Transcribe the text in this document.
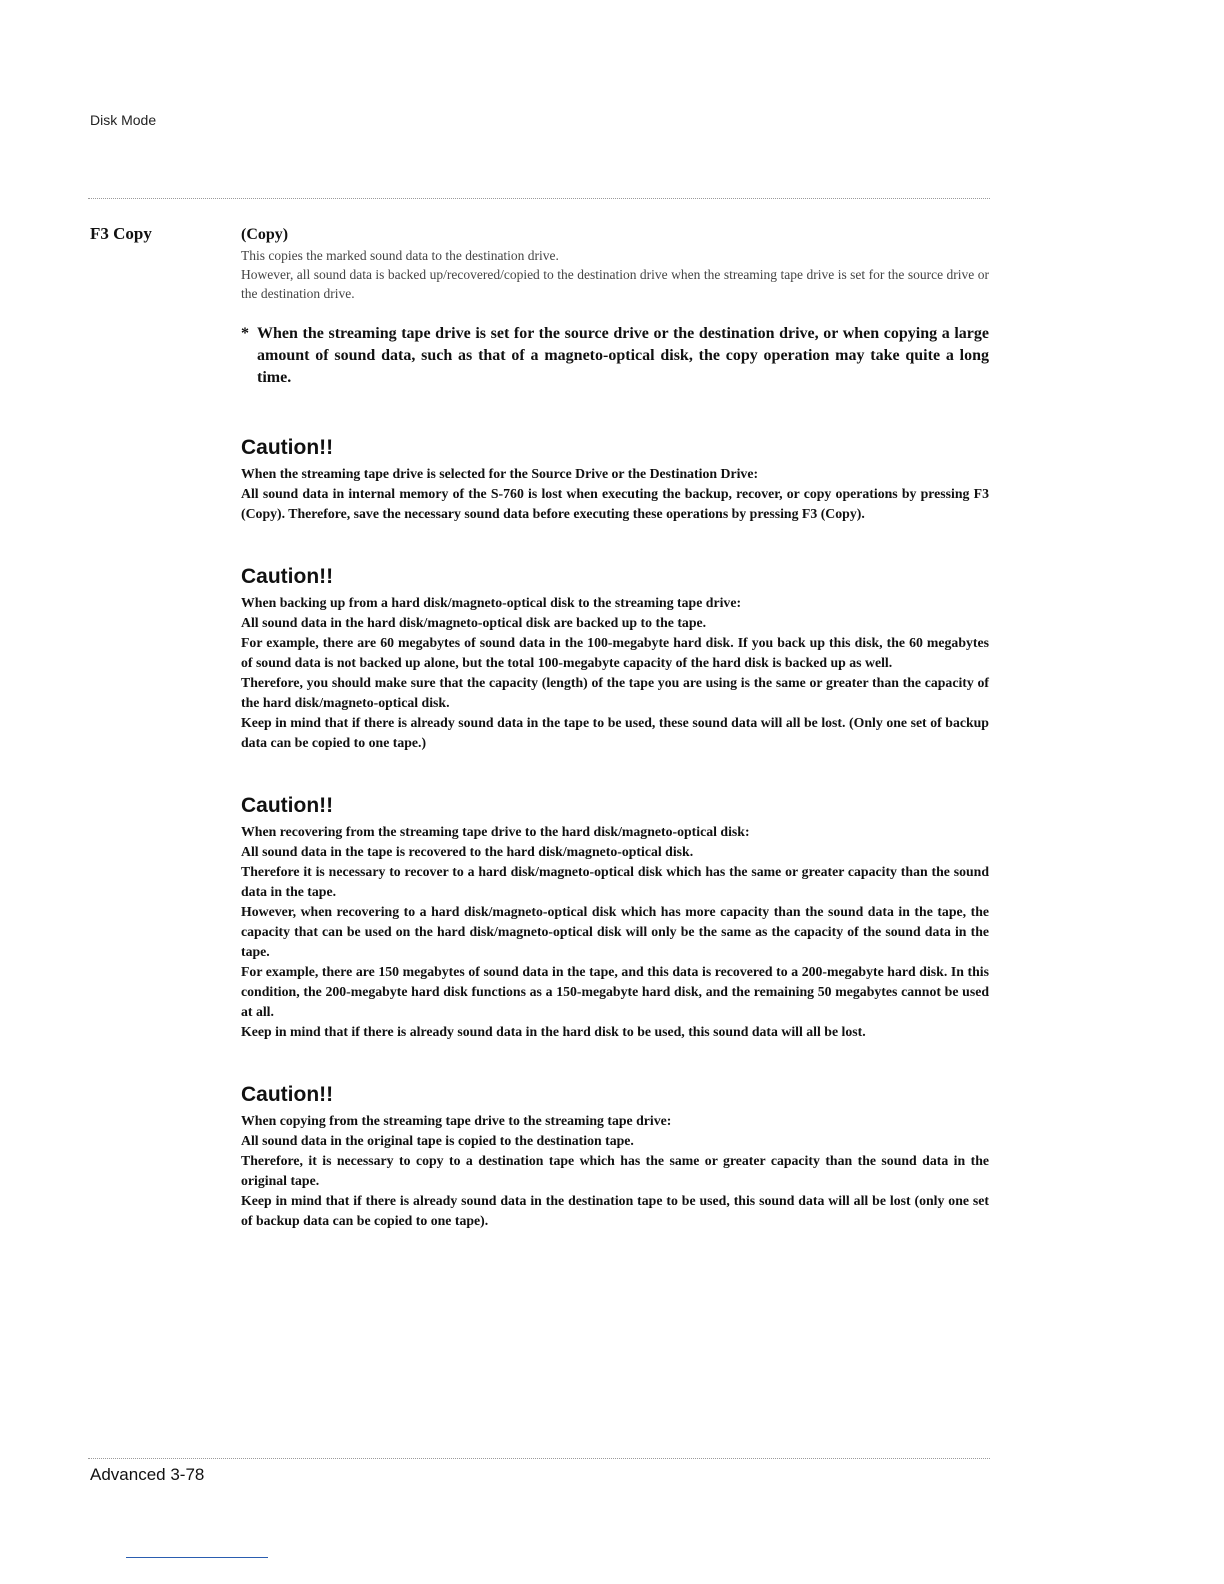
Disk Mode
F3 Copy	(Copy)

This copies the marked sound data to the destination drive.

However, all sound data is backed up/recovered/copied to the destination drive when the streaming tape drive is set for the source drive or the destination drive.

* When the streaming tape drive is set for the source drive or the destination drive, or when copying a large amount of sound data, such as that of a magneto-optical disk, the copy operation may take quite a long time.

Caution!!

When the streaming tape drive is selected for the Source Drive or the Destination Drive:

All sound data in internal memory of the S-760 is lost when executing the backup, recover, or copy operations by pressing F3 (Copy). Therefore, save the necessary sound data before executing these operations by pressing F3 (Copy).

Caution!!

When backing up from a hard disk/magneto-optical disk to the streaming tape drive:

All sound data in the hard disk/magneto-optical disk are backed up to the tape.

For example, there are 60 megabytes of sound data in the 100-megabyte hard disk. If you back up this disk, the 60 megabytes of sound data is not backed up alone, but the total 100-megabyte capacity of the hard disk is backed up as well.

Therefore, you should make sure that the capacity (length) of the tape you are using is the same or greater than the capacity of the hard disk/magneto-optical disk.

Keep in mind that if there is already sound data in the tape to be used, these sound data will all be lost. (Only one set of backup data can be copied to one tape.)

Caution!!

When recovering from the streaming tape drive to the hard disk/magneto-optical disk:

All sound data in the tape is recovered to the hard disk/magneto-optical disk.

Therefore it is necessary to recover to a hard disk/magneto-optical disk which has the same or greater capacity than the sound data in the tape.

However, when recovering to a hard disk/magneto-optical disk which has more capacity than the sound data in the tape, the capacity that can be used on the hard disk/magneto-optical disk will only be the same as the capacity of the sound data in the tape.

For example, there are 150 megabytes of sound data in the tape, and this data is recovered to a 200-megabyte hard disk. In this condition, the 200-megabyte hard disk functions as a 150-megabyte hard disk, and the remaining 50 megabytes cannot be used at all.

Keep in mind that if there is already sound data in the hard disk to be used, this sound data will all be lost.

Caution!!

When copying from the streaming tape drive to the streaming tape drive:

All sound data in the original tape is copied to the destination tape.

Therefore, it is necessary to copy to a destination tape which has the same or greater capacity than the sound data in the original tape.

Keep in mind that if there is already sound data in the destination tape to be used, this sound data will all be lost (only one set of backup data can be copied to one tape).

Advanced 3-78
